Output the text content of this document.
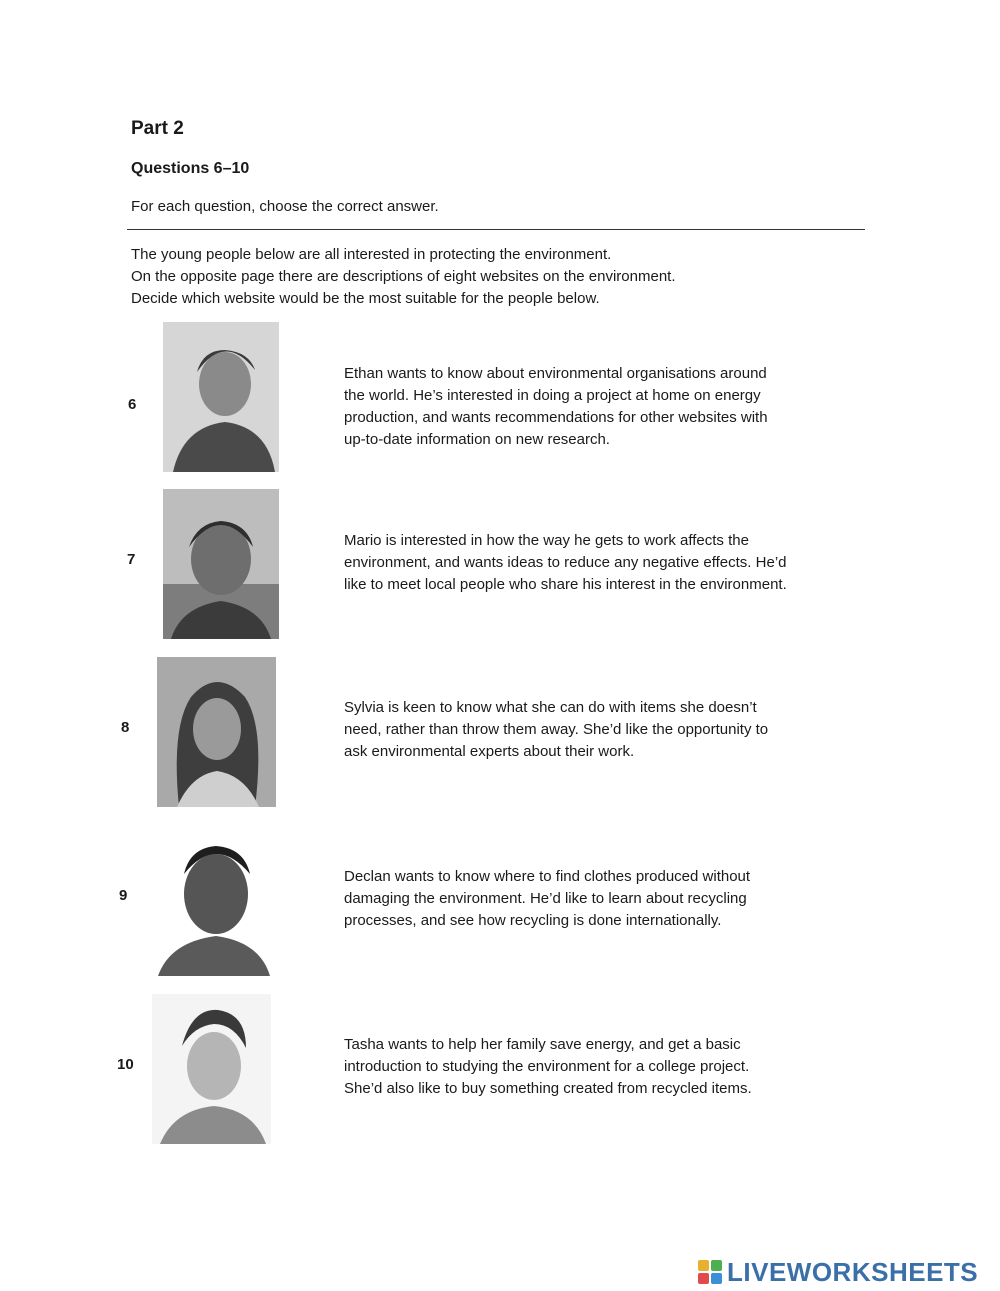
Part 2
Questions 6–10
For each question, choose the correct answer.
The young people below are all interested in protecting the environment.
On the opposite page there are descriptions of eight websites on the environment.
Decide which website would be the most suitable for the people below.
6
Ethan wants to know about environmental organisations around
the world. He’s interested in doing a project at home on energy
production, and wants recommendations for other websites with
up-to-date information on new research.
7
Mario is interested in how the way he gets to work affects the
environment, and wants ideas to reduce any negative effects. He’d
like to meet local people who share his interest in the environment.
8
Sylvia is keen to know what she can do with items she doesn’t
need, rather than throw them away. She’d like the opportunity to
ask environmental experts about their work.
9
Declan wants to know where to find clothes produced without
damaging the environment. He’d like to learn about recycling
processes, and see how recycling is done internationally.
10
Tasha wants to help her family save energy, and get a basic
introduction to studying the environment for a college project.
She’d also like to buy something created from recycled items.
LIVEWORKSHEETS
